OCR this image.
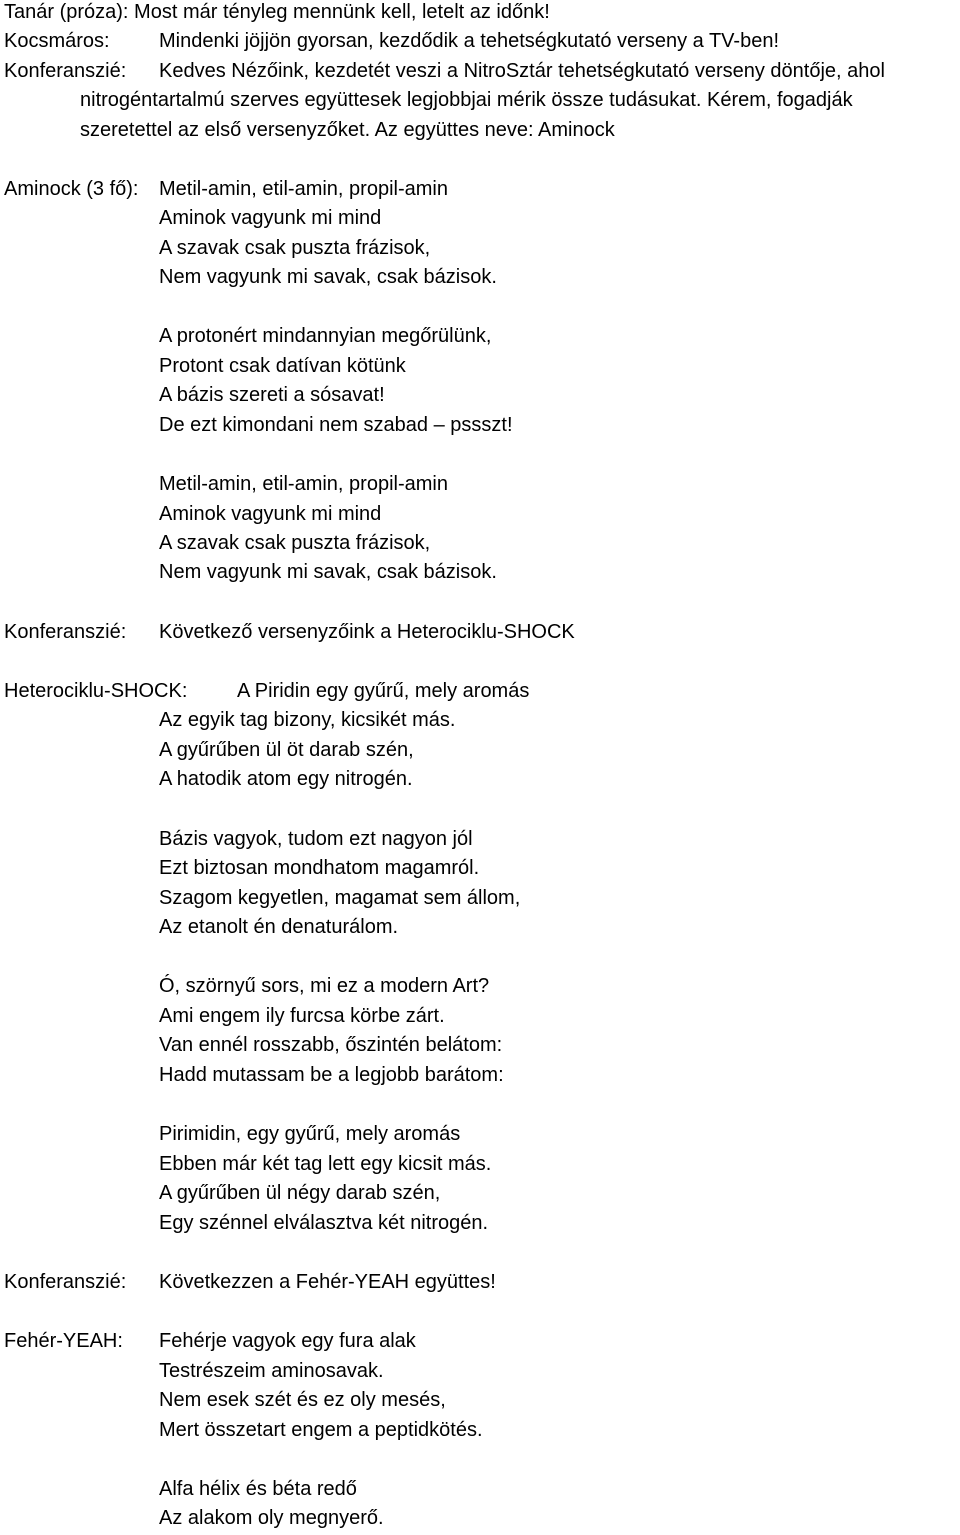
Tanár (próza): Most már tényleg mennünk kell, letelt az időnk!
Kocsmáros: Mindenki jöjjön gyorsan, kezdődik a tehetségkutató verseny a TV-ben!
Konferanszié: Kedves Nézőink, kezdetét veszi a NitroSztár tehetségkutató verseny döntője, ahol
nitrogéntartalmú szerves együttesek legjobbjai mérik össze tudásukat. Kérem, fogadják
szeretettel az első versenyzőket. Az együttes neve: Aminock
Aminock (3 fő): Metil-amin, etil-amin, propil-amin
Aminok vagyunk mi mind
A szavak csak puszta frázisok,
Nem vagyunk mi savak, csak bázisok.
A protonért mindannyian megőrülünk,
Protont csak datívan kötünk
A bázis szereti a sósavat!
De ezt kimondani nem szabad – pssszt!
Metil-amin, etil-amin, propil-amin
Aminok vagyunk mi mind
A szavak csak puszta frázisok,
Nem vagyunk mi savak, csak bázisok.
Konferanszié: Következő versenyzőink a Heterociklu-SHOCK
Heterociklu-SHOCK: A Piridin egy gyűrű, mely aromás
Az egyik tag bizony, kicsikét más.
A gyűrűben ül öt darab szén,
A hatodik atom egy nitrogén.
Bázis vagyok, tudom ezt nagyon jól
Ezt biztosan mondhatom magamról.
Szagom kegyetlen, magamat sem állom,
Az etanolt én denaturálom.
Ó, szörnyű sors, mi ez a modern Art?
Ami engem ily furcsa körbe zárt.
Van ennél rosszabb, őszintén belátom:
Hadd mutassam be a legjobb barátom:
Pirimidin, egy gyűrű, mely aromás
Ebben már két tag lett egy kicsit más.
A gyűrűben ül négy darab szén,
Egy szénnel elválasztva két nitrogén.
Konferanszié: Következzen a Fehér-YEAH együttes!
Fehér-YEAH: Fehérje vagyok egy fura alak
Testrészeim aminosavak.
Nem esek szét és ez oly mesés,
Mert összetart engem a peptidkötés.
Alfa hélix és béta redő
Az alakom oly megnyerő.
